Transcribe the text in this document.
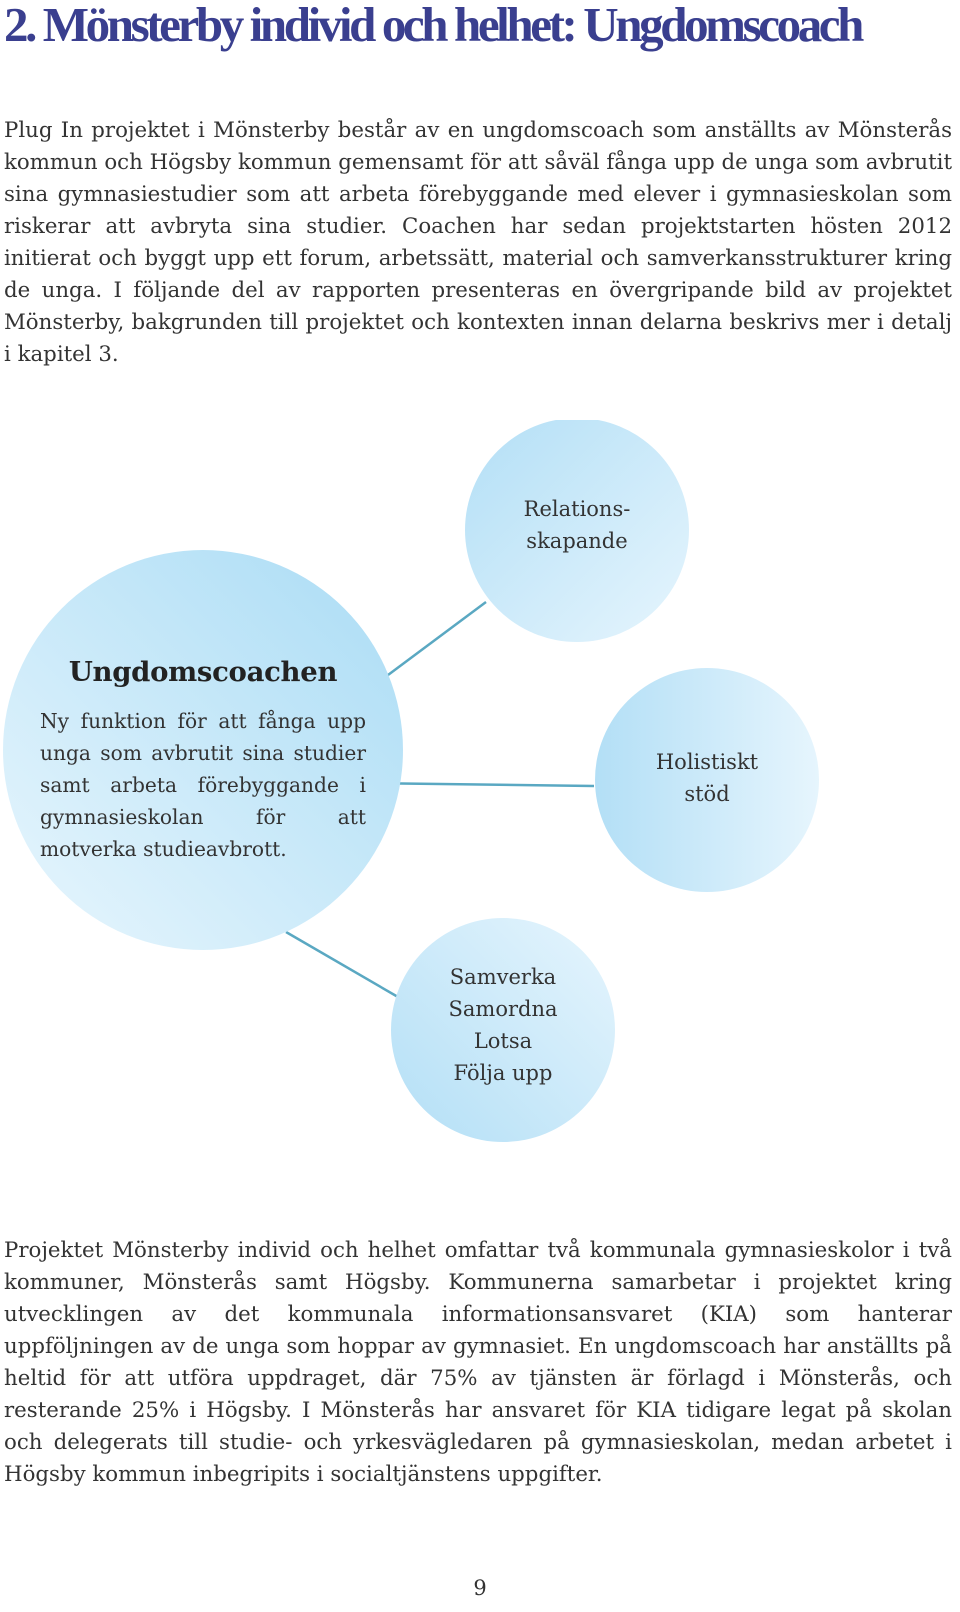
2. Mönsterby individ och helhet: Ungdomscoach

Plug In projektet i Mönsterby består av en ungdomscoach som anställts av Mönsterås kommun och Högsby kommun gemensamt för att såväl fånga upp de unga som avbrutit sina gymnasiestudier som att arbeta förebyggande med elever i gymnasieskolan som riskerar att avbryta sina studier. Coachen har sedan projektstarten hösten 2012 initierat och byggt upp ett forum, arbetssätt, material och samverkansstrukturer kring de unga. I följande del av rapporten presenteras en övergripande bild av projektet Mönsterby, bakgrunden till projektet och kontexten innan delarna beskrivs mer i detalj i kapitel 3.

Ungdomscoachen
Ny funktion för att fånga upp unga som avbrutit sina studier samt arbeta förebyggande i gymnasieskolan för att motverka studieavbrott.
Relations-
skapande
Holistiskt
stöd
Samverka
Samordna
Lotsa
Följa upp

Projektet Mönsterby individ och helhet omfattar två kommunala gymnasieskolor i två kommuner, Mönsterås samt Högsby. Kommunerna samarbetar i projektet kring utvecklingen av det kommunala informationsansvaret (KIA) som hanterar uppföljningen av de unga som hoppar av gymnasiet. En ungdomscoach har anställts på heltid för att utföra uppdraget, där 75% av tjänsten är förlagd i Mönsterås, och resterande 25% i Högsby. I Mönsterås har ansvaret för KIA tidigare legat på skolan och delegerats till studie- och yrkesvägledaren på gymnasieskolan, medan arbetet i Högsby kommun inbegripits i socialtjänstens uppgifter.

9
